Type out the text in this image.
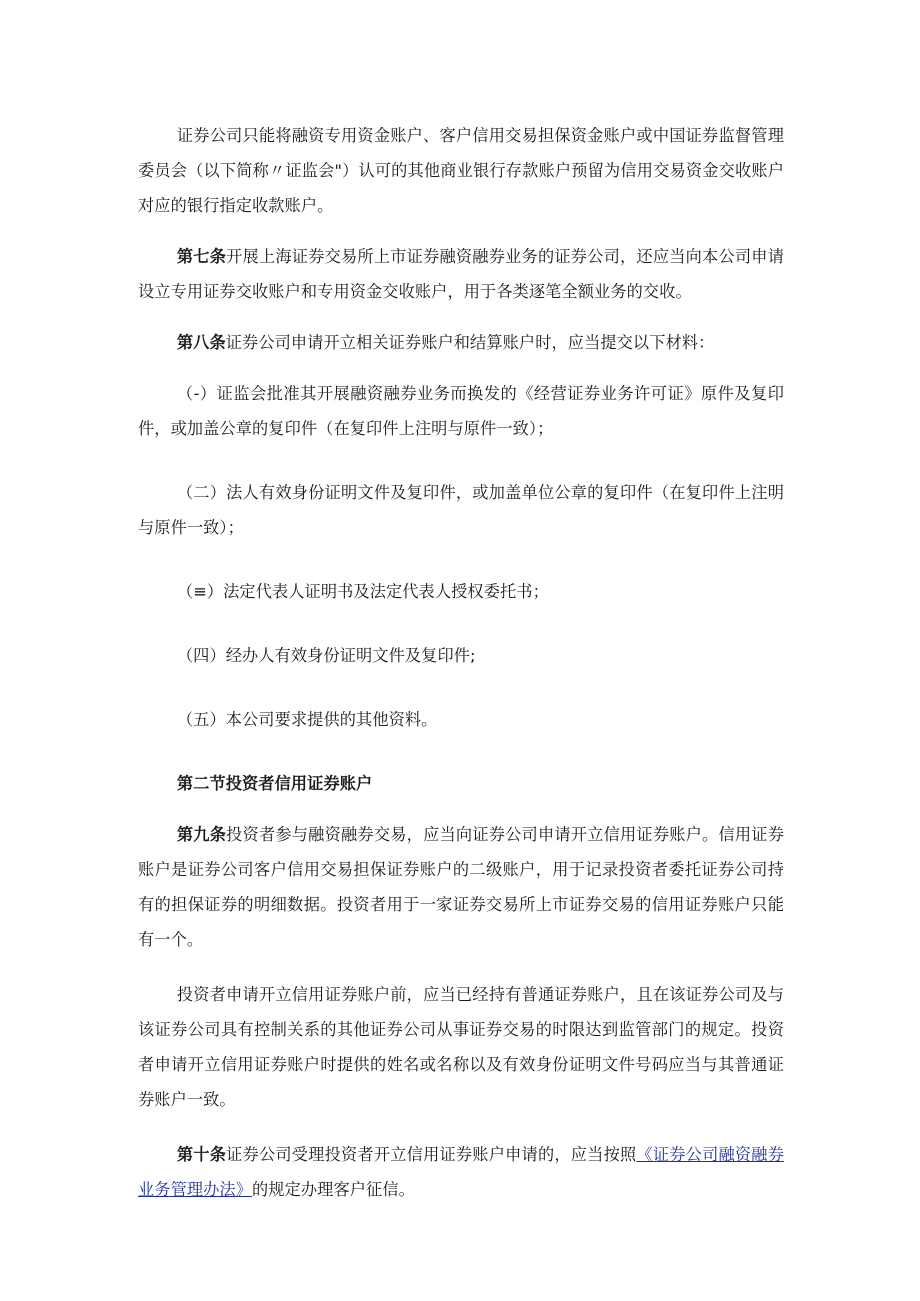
证券公司只能将融资专用资金账户、客户信用交易担保资金账户或中国证券监督管理委员会（以下简称〃证监会"）认可的其他商业银行存款账户预留为信用交易资金交收账户对应的银行指定收款账户。

第七条开展上海证券交易所上市证券融资融券业务的证券公司，还应当向本公司申请设立专用证券交收账户和专用资金交收账户，用于各类逐笔全额业务的交收。

第八条证券公司申请开立相关证券账户和结算账户时，应当提交以下材料：

（-）证监会批准其开展融资融券业务而换发的《经营证券业务许可证》原件及复印件，或加盖公章的复印件（在复印件上注明与原件一致）；

（二）法人有效身份证明文件及复印件，或加盖单位公章的复印件（在复印件上注明与原件一致）；

（≡）法定代表人证明书及法定代表人授权委托书；

（四）经办人有效身份证明文件及复印件;

（五）本公司要求提供的其他资料。

第二节投资者信用证券账户

第九条投资者参与融资融券交易，应当向证券公司申请开立信用证券账户。信用证券账户是证券公司客户信用交易担保证券账户的二级账户，用于记录投资者委托证券公司持有的担保证券的明细数据。投资者用于一家证券交易所上市证券交易的信用证券账户只能有一个。

投资者申请开立信用证券账户前，应当已经持有普通证券账户，且在该证券公司及与该证券公司具有控制关系的其他证券公司从事证券交易的时限达到监管部门的规定。投资者申请开立信用证券账户时提供的姓名或名称以及有效身份证明文件号码应当与其普通证券账户一致。

第十条证券公司受理投资者开立信用证券账户申请的，应当按照《证券公司融资融券业务管理办法》的规定办理客户征信。
